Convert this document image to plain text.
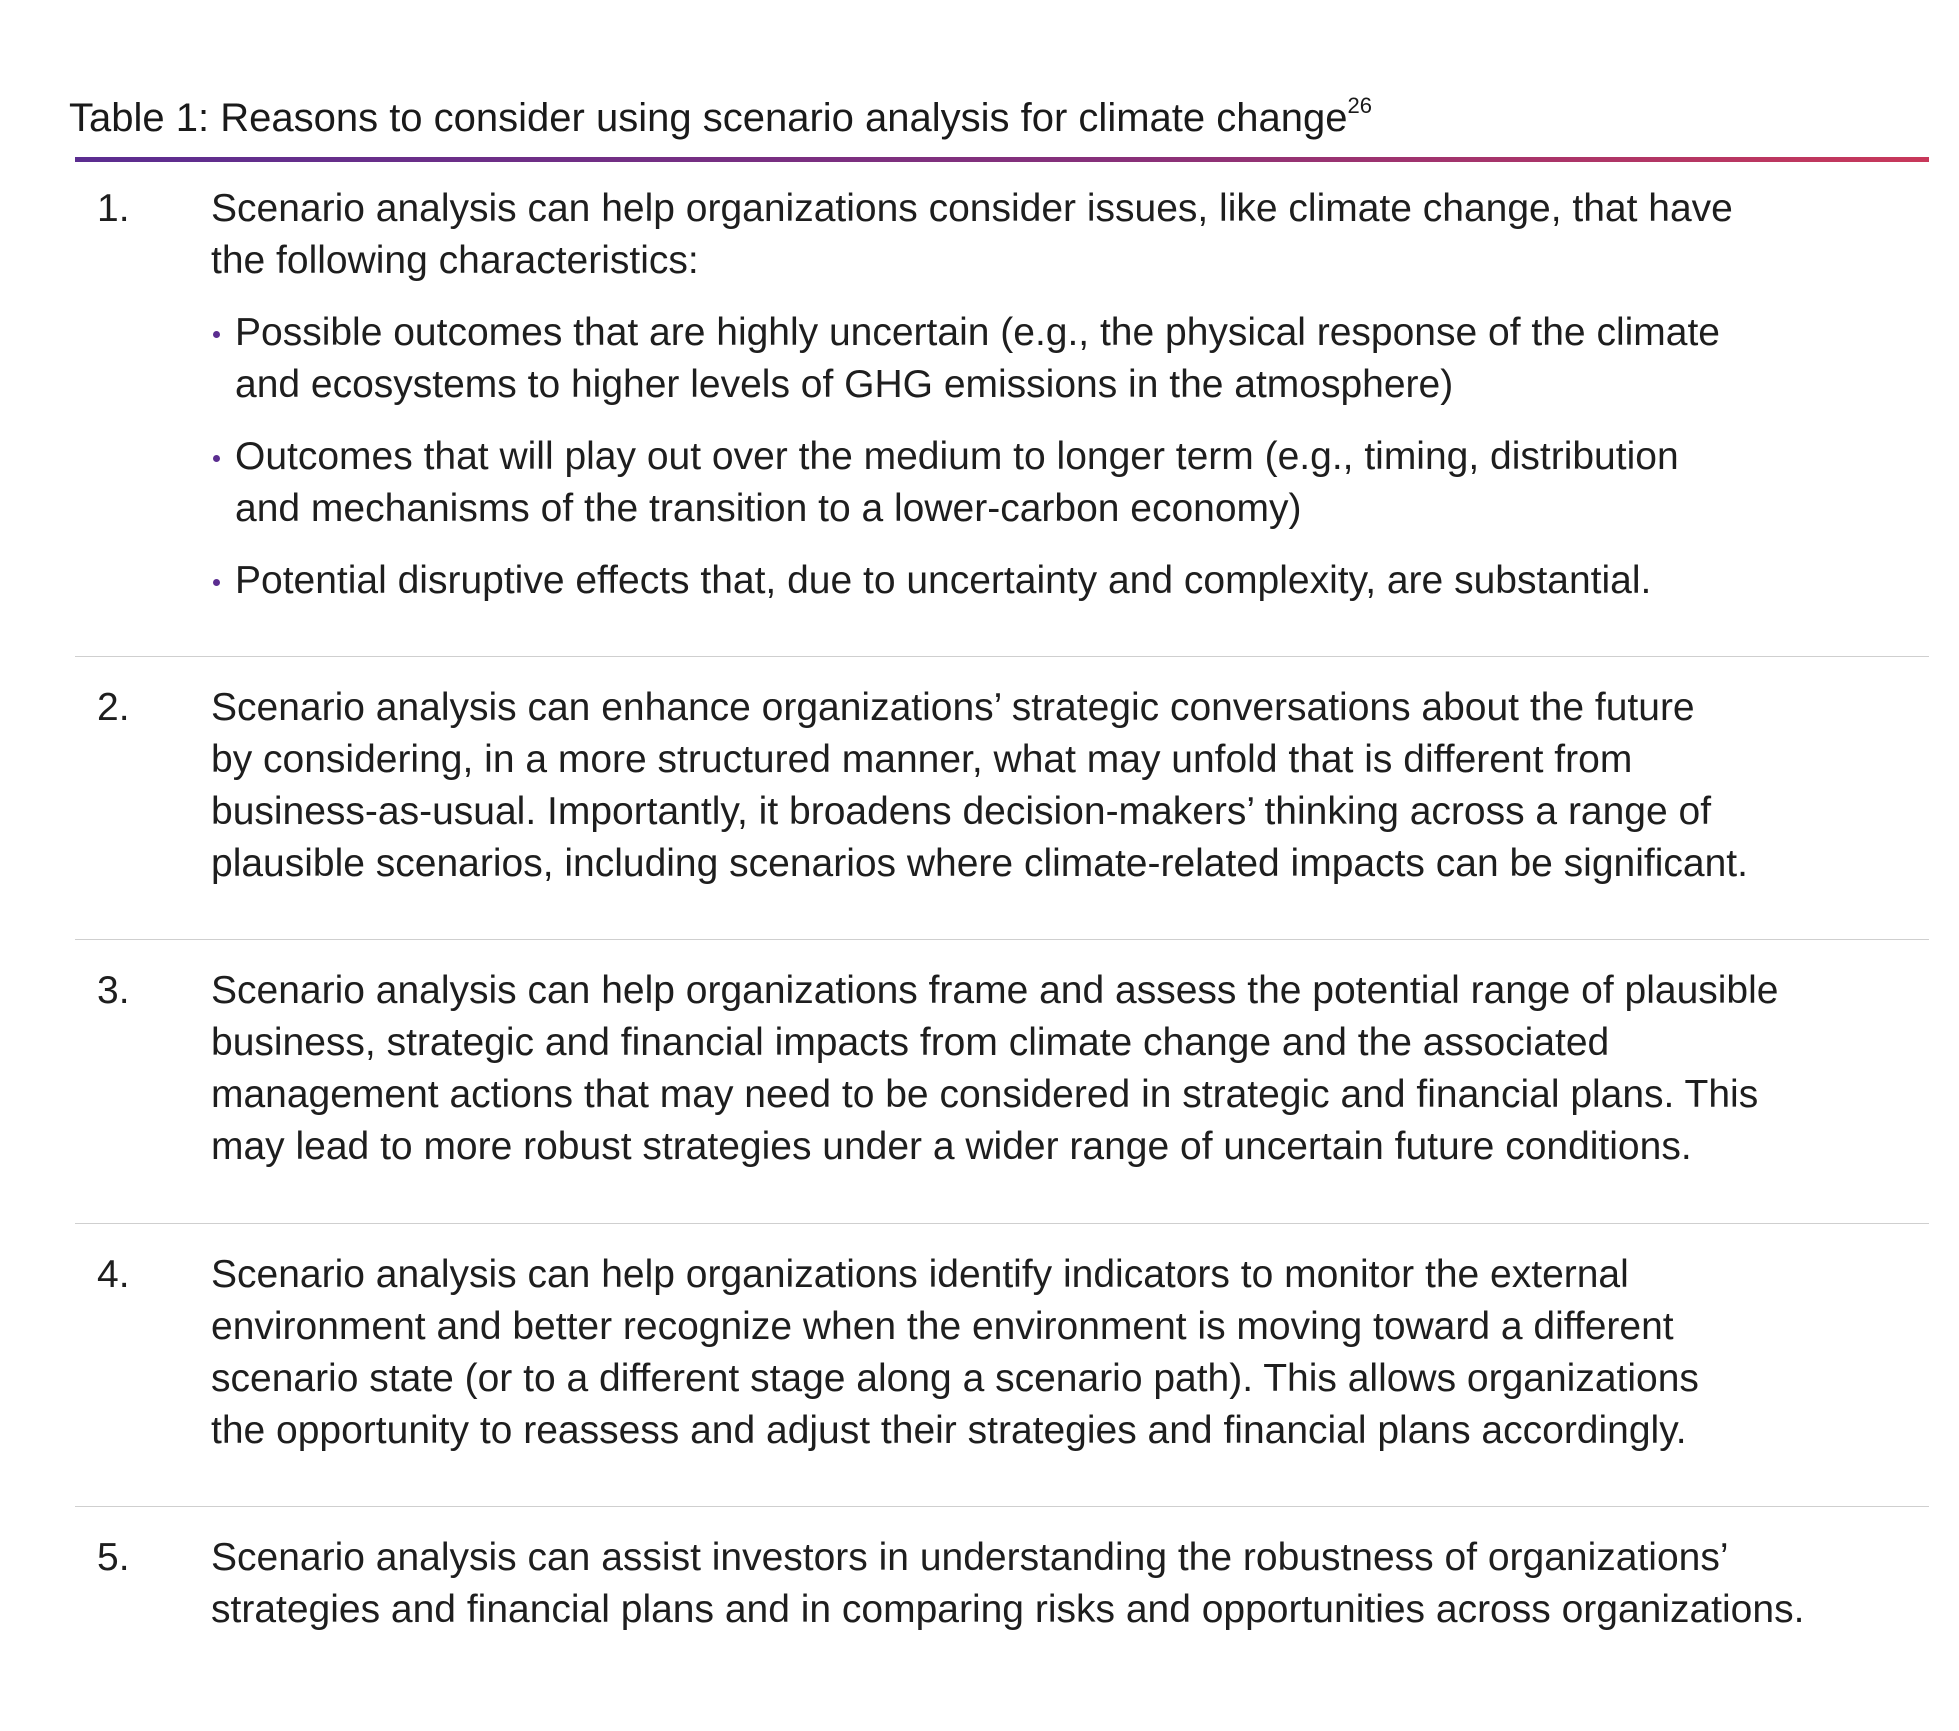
Table 1: Reasons to consider using scenario analysis for climate change$^{26}$
1. Scenario analysis can help organizations consider issues, like climate change, that have
the following characteristics:
Possible outcomes that are highly uncertain (e.g., the physical response of the climate
and ecosystems to higher levels of GHG emissions in the atmosphere)
Outcomes that will play out over the medium to longer term (e.g., timing, distribution
and mechanisms of the transition to a lower-carbon economy)
Potential disruptive effects that, due to uncertainty and complexity, are substantial.
2. Scenario analysis can enhance organizations’ strategic conversations about the future
by considering, in a more structured manner, what may unfold that is different from
business-as-usual. Importantly, it broadens decision-makers’ thinking across a range of
plausible scenarios, including scenarios where climate-related impacts can be significant.
3. Scenario analysis can help organizations frame and assess the potential range of plausible
business, strategic and financial impacts from climate change and the associated
management actions that may need to be considered in strategic and financial plans. This
may lead to more robust strategies under a wider range of uncertain future conditions.
4. Scenario analysis can help organizations identify indicators to monitor the external
environment and better recognize when the environment is moving toward a different
scenario state (or to a different stage along a scenario path). This allows organizations
the opportunity to reassess and adjust their strategies and financial plans accordingly.
5. Scenario analysis can assist investors in understanding the robustness of organizations’
strategies and financial plans and in comparing risks and opportunities across organizations.
